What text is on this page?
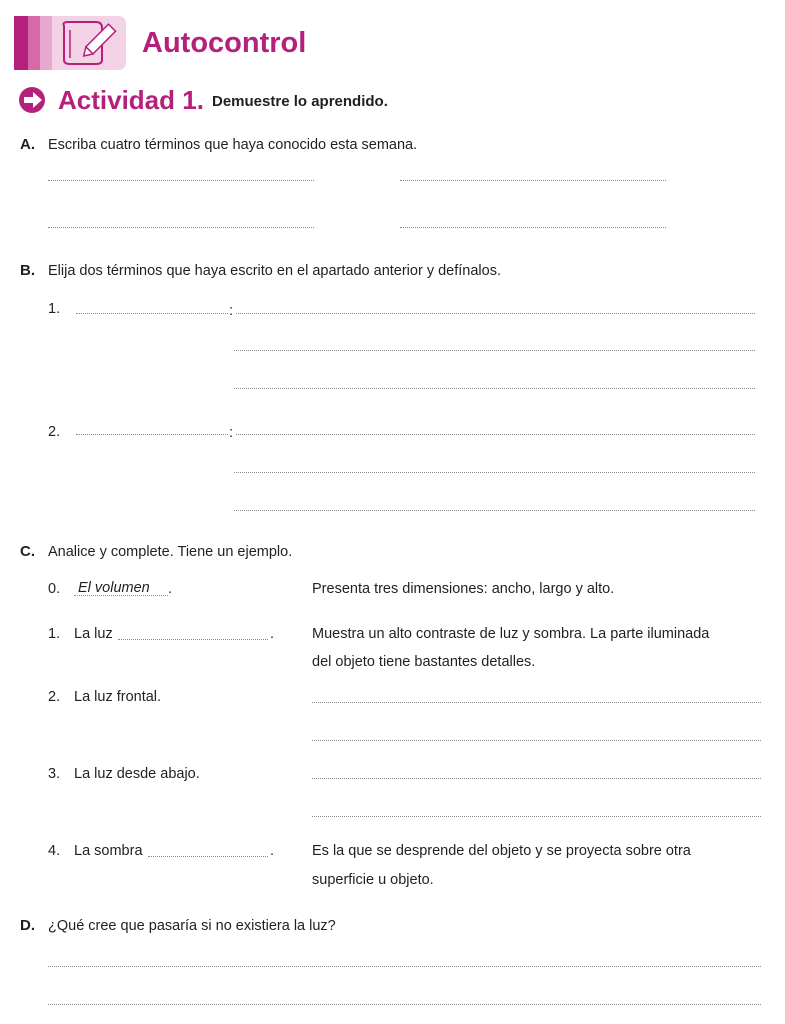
Autocontrol
Actividad 1. Demuestre lo aprendido.
A. Escriba cuatro términos que haya conocido esta semana.
B. Elija dos términos que haya escrito en el apartado anterior y defínalos.
1.	:
2.	:
C. Analice y complete. Tiene un ejemplo.
0. El volumen .	Presenta tres dimensiones: ancho, largo y alto.
1. La luz	.	Muestra un alto contraste de luz y sombra. La parte iluminada
del objeto tiene bastantes detalles.
2. La luz frontal.
3. La luz desde abajo.
4. La sombra	.	Es la que se desprende del objeto y se proyecta sobre otra
superficie u objeto.
D. ¿Qué cree que pasaría si no existiera la luz?
